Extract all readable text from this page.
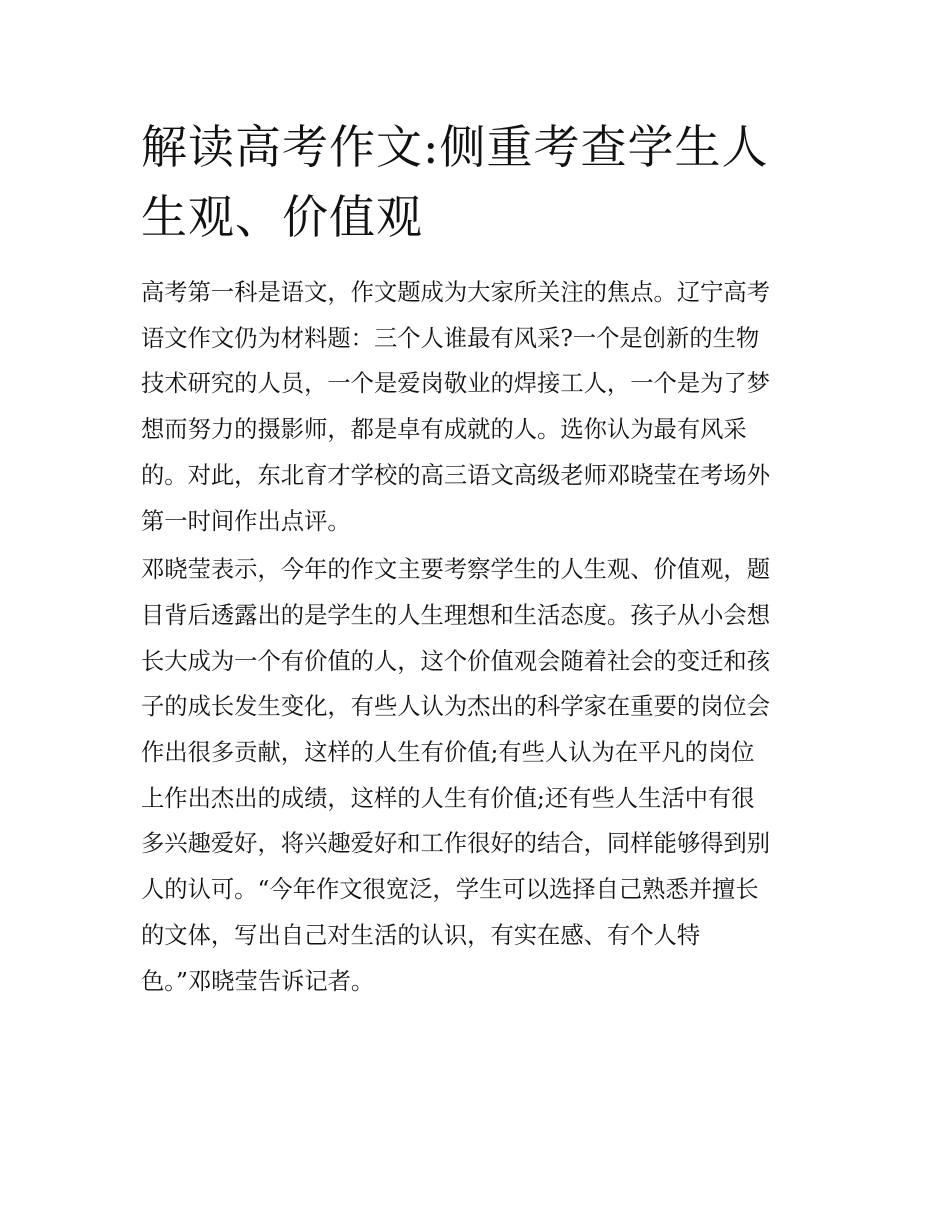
解读高考作文:侧重考查学生人
生观、价值观

高考第一科是语文，作文题成为大家所关注的焦点。辽宁高考
语文作文仍为材料题：三个人谁最有风采?一个是创新的生物
技术研究的人员，一个是爱岗敬业的焊接工人，一个是为了梦
想而努力的摄影师，都是卓有成就的人。选你认为最有风采
的。对此，东北育才学校的高三语文高级老师邓晓莹在考场外
第一时间作出点评。

邓晓莹表示，今年的作文主要考察学生的人生观、价值观，题
目背后透露出的是学生的人生理想和生活态度。孩子从小会想
长大成为一个有价值的人，这个价值观会随着社会的变迁和孩
子的成长发生变化，有些人认为杰出的科学家在重要的岗位会
作出很多贡献，这样的人生有价值;有些人认为在平凡的岗位
上作出杰出的成绩，这样的人生有价值;还有些人生活中有很
多兴趣爱好，将兴趣爱好和工作很好的结合，同样能够得到别
人的认可。“今年作文很宽泛，学生可以选择自己熟悉并擅长
的文体，写出自己对生活的认识，有实在感、有个人特
色。”邓晓莹告诉记者。
